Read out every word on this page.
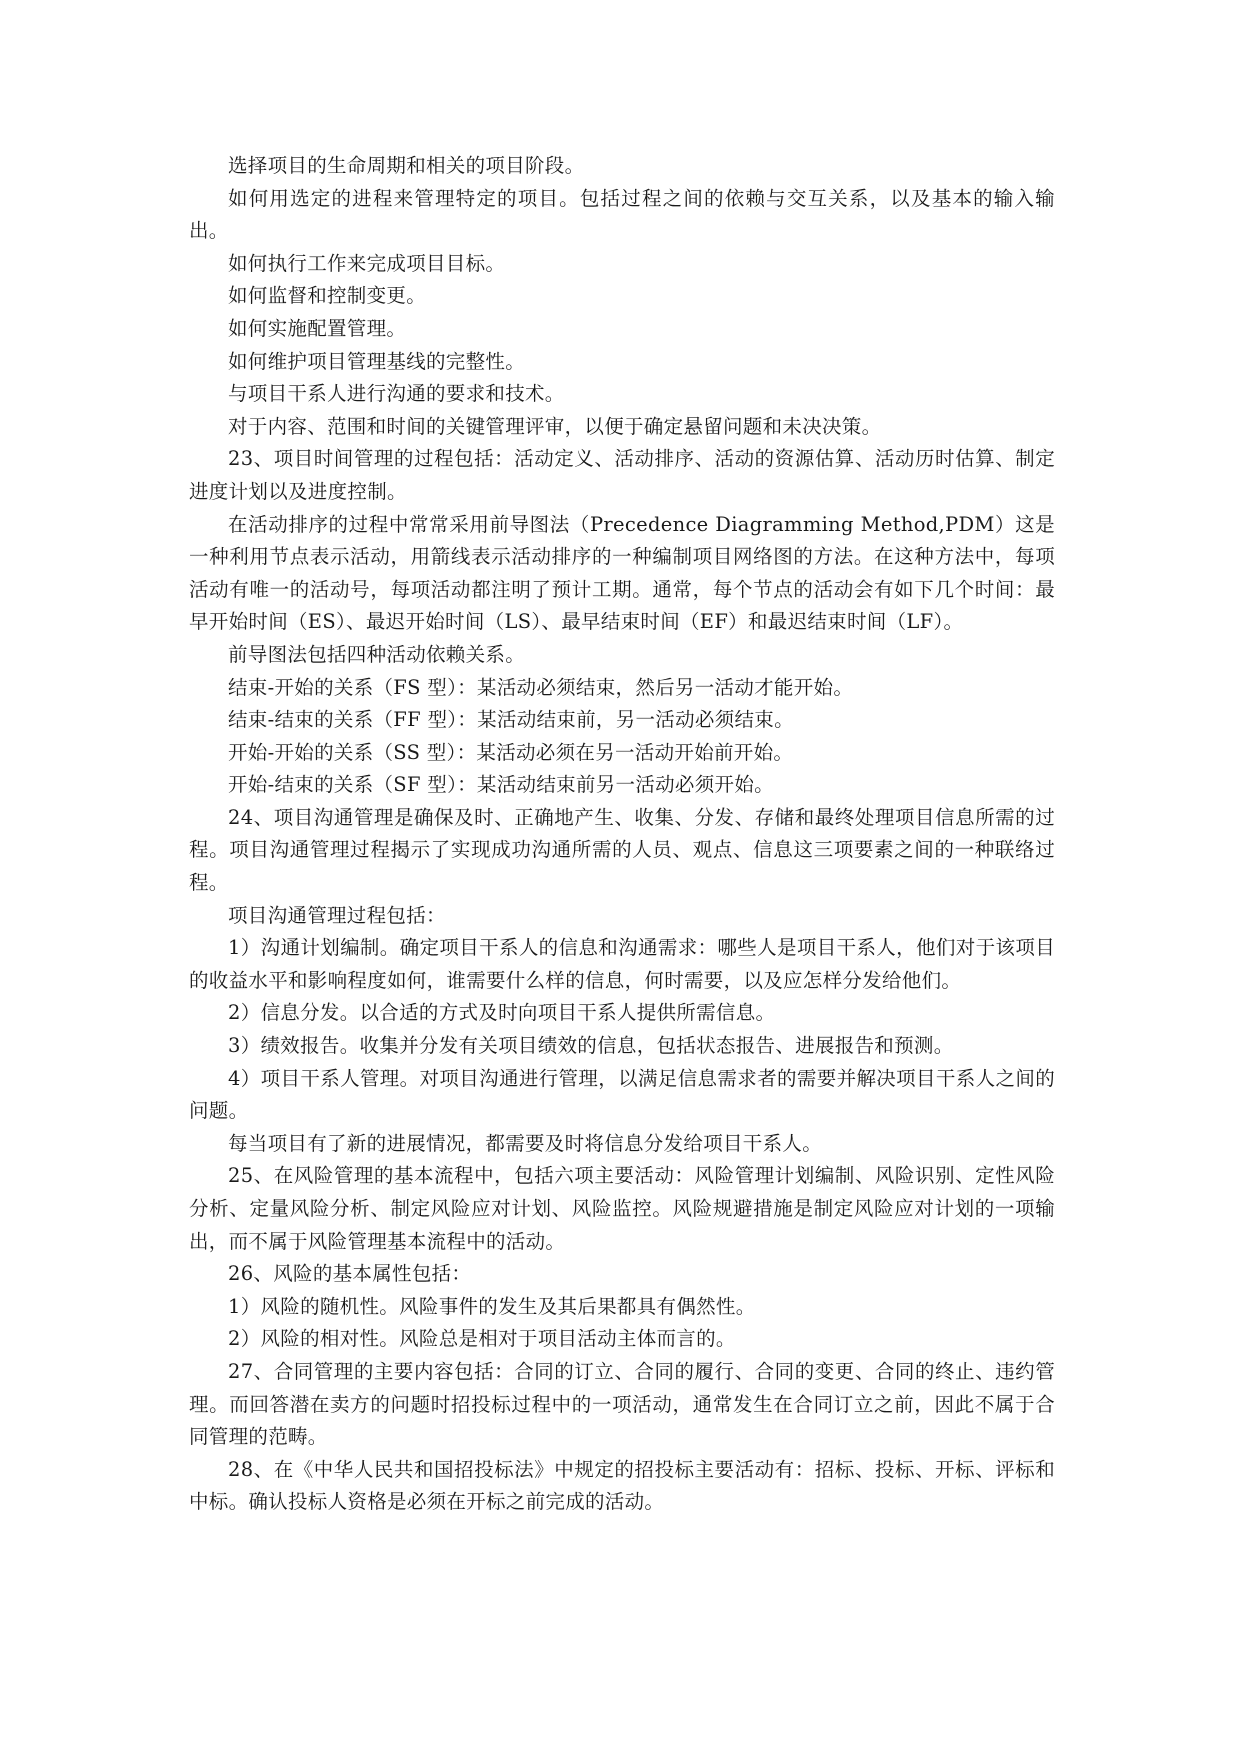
选择项目的生命周期和相关的项目阶段。

如何用选定的进程来管理特定的项目。包括过程之间的依赖与交互关系，以及基本的输入输出。

如何执行工作来完成项目目标。

如何监督和控制变更。

如何实施配置管理。

如何维护项目管理基线的完整性。

与项目干系人进行沟通的要求和技术。

对于内容、范围和时间的关键管理评审，以便于确定悬留问题和未决决策。

23、项目时间管理的过程包括：活动定义、活动排序、活动的资源估算、活动历时估算、制定进度计划以及进度控制。

在活动排序的过程中常常采用前导图法（Precedence Diagramming Method,PDM）这是一种利用节点表示活动，用箭线表示活动排序的一种编制项目网络图的方法。在这种方法中，每项活动有唯一的活动号，每项活动都注明了预计工期。通常，每个节点的活动会有如下几个时间：最早开始时间（ES）、最迟开始时间（LS）、最早结束时间（EF）和最迟结束时间（LF）。

前导图法包括四种活动依赖关系。

结束-开始的关系（FS 型）：某活动必须结束，然后另一活动才能开始。

结束-结束的关系（FF 型）：某活动结束前，另一活动必须结束。

开始-开始的关系（SS 型）：某活动必须在另一活动开始前开始。

开始-结束的关系（SF 型）：某活动结束前另一活动必须开始。

24、项目沟通管理是确保及时、正确地产生、收集、分发、存储和最终处理项目信息所需的过程。项目沟通管理过程揭示了实现成功沟通所需的人员、观点、信息这三项要素之间的一种联络过程。

项目沟通管理过程包括：

1）沟通计划编制。确定项目干系人的信息和沟通需求：哪些人是项目干系人，他们对于该项目的收益水平和影响程度如何，谁需要什么样的信息，何时需要，以及应怎样分发给他们。

2）信息分发。以合适的方式及时向项目干系人提供所需信息。

3）绩效报告。收集并分发有关项目绩效的信息，包括状态报告、进展报告和预测。

4）项目干系人管理。对项目沟通进行管理，以满足信息需求者的需要并解决项目干系人之间的问题。

每当项目有了新的进展情况，都需要及时将信息分发给项目干系人。

25、在风险管理的基本流程中，包括六项主要活动：风险管理计划编制、风险识别、定性风险分析、定量风险分析、制定风险应对计划、风险监控。风险规避措施是制定风险应对计划的一项输出，而不属于风险管理基本流程中的活动。

26、风险的基本属性包括：

1）风险的随机性。风险事件的发生及其后果都具有偶然性。

2）风险的相对性。风险总是相对于项目活动主体而言的。

27、合同管理的主要内容包括：合同的订立、合同的履行、合同的变更、合同的终止、违约管理。而回答潜在卖方的问题时招投标过程中的一项活动，通常发生在合同订立之前，因此不属于合同管理的范畴。

28、在《中华人民共和国招投标法》中规定的招投标主要活动有：招标、投标、开标、评标和中标。确认投标人资格是必须在开标之前完成的活动。
